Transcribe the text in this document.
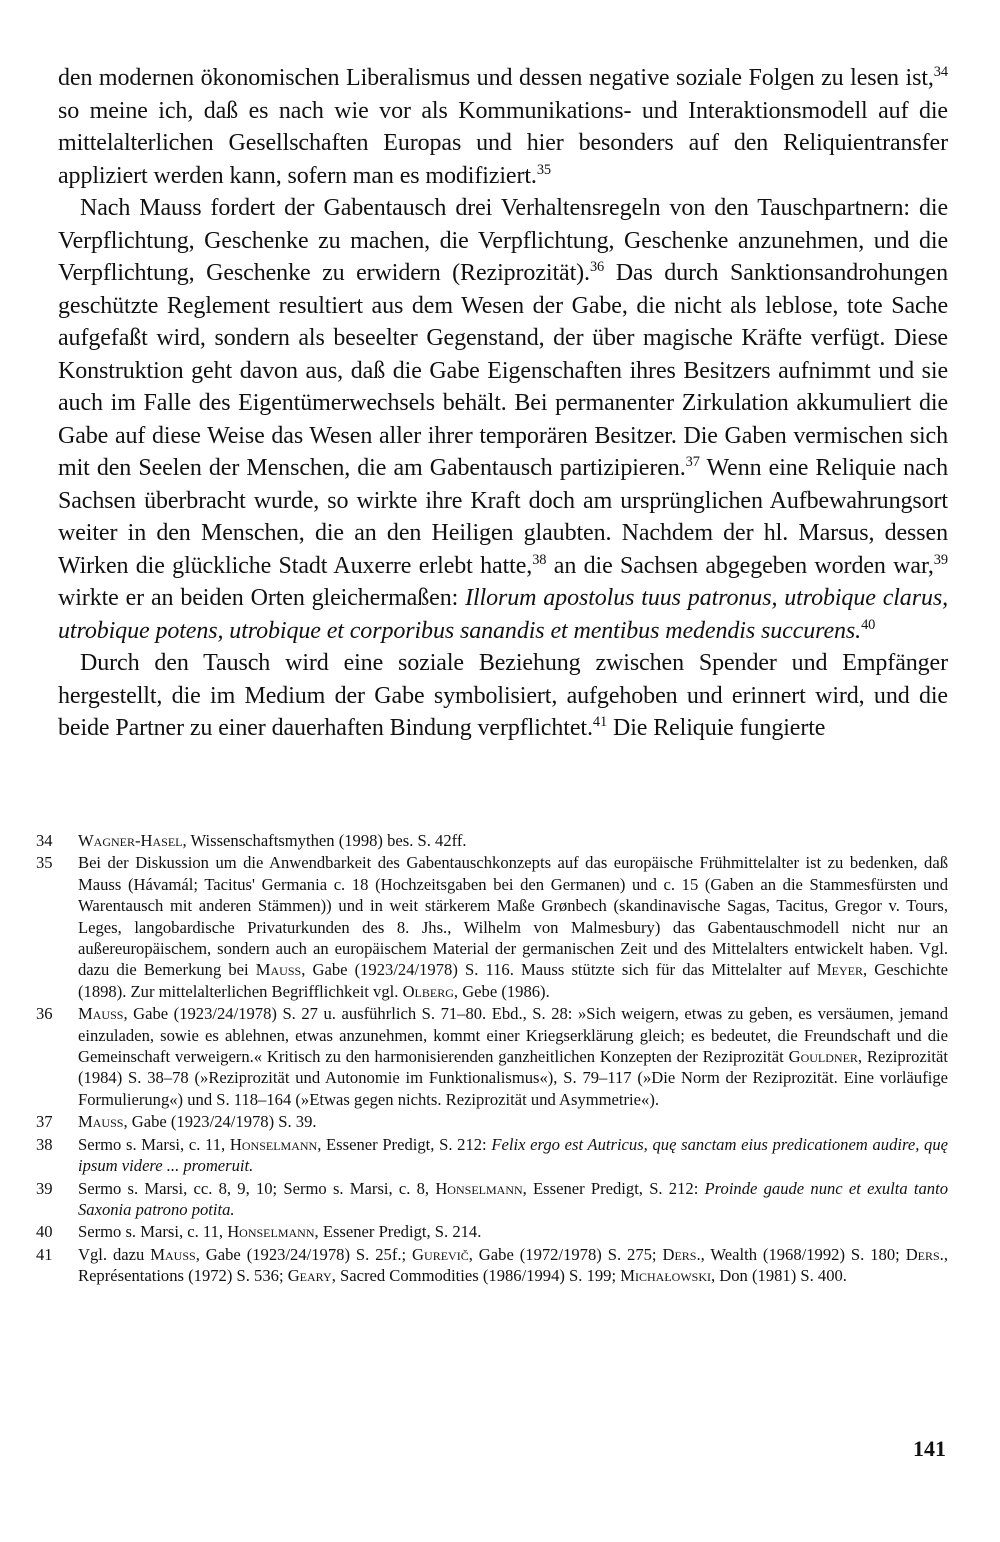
den modernen ökonomischen Liberalismus und dessen negative soziale Folgen zu lesen ist,$^{34}$ so meine ich, daß es nach wie vor als Kommunikations- und Interaktionsmodell auf die mittelalterlichen Gesellschaften Europas und hier besonders auf den Reliquientransfer appliziert werden kann, sofern man es modifiziert.$^{35}$

Nach Mauss fordert der Gabentausch drei Verhaltensregeln von den Tauschpartnern: die Verpflichtung, Geschenke zu machen, die Verpflichtung, Geschenke anzunehmen, und die Verpflichtung, Geschenke zu erwidern (Reziprozität).$^{36}$ Das durch Sanktionsandrohungen geschützte Reglement resultiert aus dem Wesen der Gabe, die nicht als leblose, tote Sache aufgefaßt wird, sondern als beseelter Gegenstand, der über magische Kräfte verfügt. Diese Konstruktion geht davon aus, daß die Gabe Eigenschaften ihres Besitzers aufnimmt und sie auch im Falle des Eigentümerwechsels behält. Bei permanenter Zirkulation akkumuliert die Gabe auf diese Weise das Wesen aller ihrer temporären Besitzer. Die Gaben vermischen sich mit den Seelen der Menschen, die am Gabentausch partizipieren.$^{37}$ Wenn eine Reliquie nach Sachsen überbracht wurde, so wirkte ihre Kraft doch am ursprünglichen Aufbewahrungsort weiter in den Menschen, die an den Heiligen glaubten. Nachdem der hl. Marsus, dessen Wirken die glückliche Stadt Auxerre erlebt hatte,$^{38}$ an die Sachsen abgegeben worden war,$^{39}$ wirkte er an beiden Orten gleichermaßen: Illorum apostolus tuus patronus, utrobique clarus, utrobique potens, utrobique et corporibus sanandis et mentibus medendis succurens.$^{40}$

Durch den Tausch wird eine soziale Beziehung zwischen Spender und Empfänger hergestellt, die im Medium der Gabe symbolisiert, aufgehoben und erinnert wird, und die beide Partner zu einer dauerhaften Bindung verpflichtet.$^{41}$ Die Reliquie fungierte

34	Wagner-Hasel, Wissenschaftsmythen (1998) bes. S. 42ff.
35	Bei der Diskussion um die Anwendbarkeit des Gabentauschkonzepts auf das europäische Frühmittelalter ist zu bedenken, daß Mauss (Hávamál; Tacitus' Germania c. 18 (Hochzeitsgaben bei den Germanen) und c. 15 (Gaben an die Stammesfürsten und Warentausch mit anderen Stämmen)) und in weit stärkerem Maße Grønbech (skandinavische Sagas, Tacitus, Gregor v. Tours, Leges, langobardische Privaturkunden des 8. Jhs., Wilhelm von Malmesbury) das Gabentauschmodell nicht nur an außereuropäischem, sondern auch an europäischem Material der germanischen Zeit und des Mittelalters entwickelt haben. Vgl. dazu die Bemerkung bei Mauss, Gabe (1923/24/1978) S. 116. Mauss stützte sich für das Mittelalter auf Meyer, Geschichte (1898). Zur mittelalterlichen Begrifflichkeit vgl. Olberg, Gebe (1986).
36	Mauss, Gabe (1923/24/1978) S. 27 u. ausführlich S. 71–80. Ebd., S. 28: »Sich weigern, etwas zu geben, es versäumen, jemand einzuladen, sowie es ablehnen, etwas anzunehmen, kommt einer Kriegserklärung gleich; es bedeutet, die Freundschaft und die Gemeinschaft verweigern.« Kritisch zu den harmonisierenden ganzheitlichen Konzepten der Reziprozität Gouldner, Reziprozität (1984) S. 38–78 (»Reziprozität und Autonomie im Funktionalismus«), S. 79–117 (»Die Norm der Reziprozität. Eine vorläufige Formulierung«) und S. 118–164 (»Etwas gegen nichts. Reziprozität und Asymmetrie«).
37	Mauss, Gabe (1923/24/1978) S. 39.
38	Sermo s. Marsi, c. 11, Honselmann, Essener Predigt, S. 212: Felix ergo est Autricus, quę sanctam eius predicationem audire, quę ipsum videre ... promeruit.
39	Sermo s. Marsi, cc. 8, 9, 10; Sermo s. Marsi, c. 8, Honselmann, Essener Predigt, S. 212: Proinde gaude nunc et exulta tanto Saxonia patrono potita.
40	Sermo s. Marsi, c. 11, Honselmann, Essener Predigt, S. 214.
41	Vgl. dazu Mauss, Gabe (1923/24/1978) S. 25f.; Gurevič, Gabe (1972/1978) S. 275; Ders., Wealth (1968/1992) S. 180; Ders., Représentations (1972) S. 536; Geary, Sacred Commodities (1986/1994) S. 199; Michałowski, Don (1981) S. 400.
141
